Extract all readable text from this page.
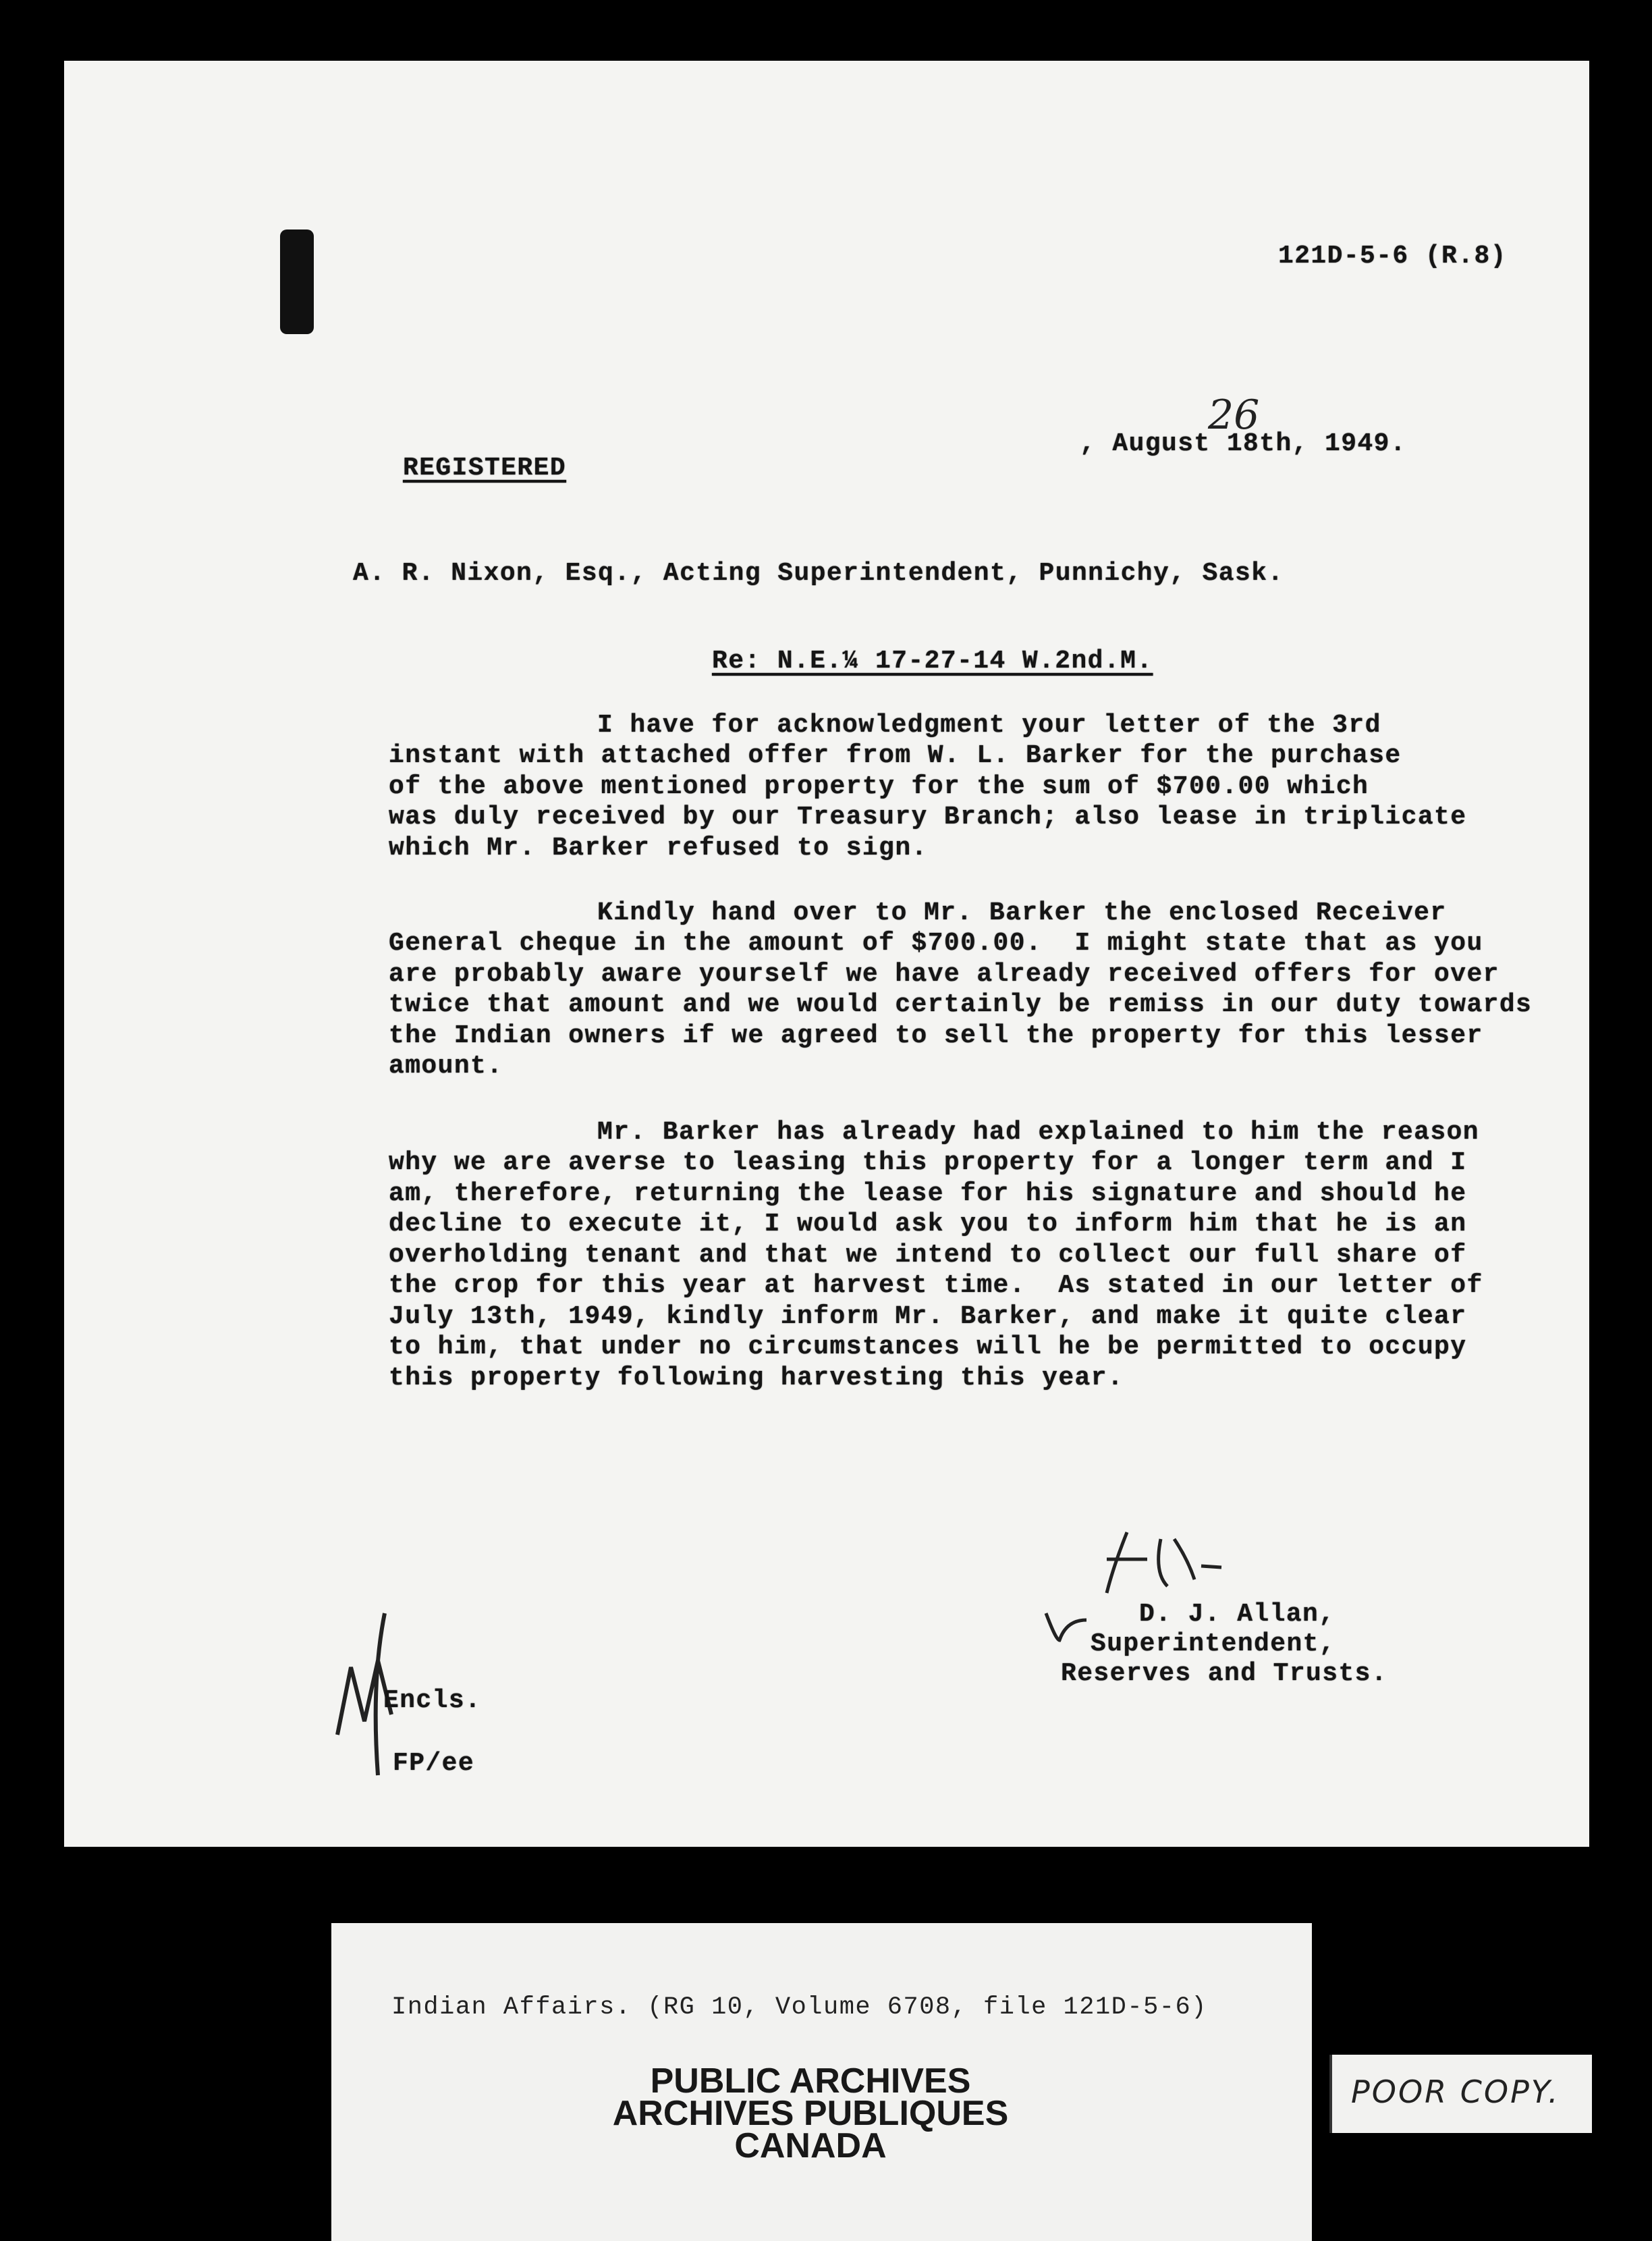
121D-5-6 (R.8)
26
, August 18th, 1949.
REGISTERED
A. R. Nixon, Esq., Acting Superintendent, Punnichy, Sask.
Re: N.E.¼ 17-27-14 W.2nd.M.
I have for acknowledgment your letter of the 3rd
instant with attached offer from W. L. Barker for the purchase
of the above mentioned property for the sum of $700.00 which
was duly received by our Treasury Branch; also lease in triplicate
which Mr. Barker refused to sign.
Kindly hand over to Mr. Barker the enclosed Receiver
General cheque in the amount of $700.00.  I might state that as you
are probably aware yourself we have already received offers for over
twice that amount and we would certainly be remiss in our duty towards
the Indian owners if we agreed to sell the property for this lesser
amount.
Mr. Barker has already had explained to him the reason
why we are averse to leasing this property for a longer term and I
am, therefore, returning the lease for his signature and should he
decline to execute it, I would ask you to inform him that he is an
overholding tenant and that we intend to collect our full share of
the crop for this year at harvest time.  As stated in our letter of
July 13th, 1949, kindly inform Mr. Barker, and make it quite clear
to him, that under no circumstances will he be permitted to occupy
this property following harvesting this year.
D. J. Allan,
Superintendent,
Reserves and Trusts.
Encls.
FP/ee
Indian Affairs. (RG 10, Volume 6708, file 121D-5-6)
PUBLIC ARCHIVES
ARCHIVES PUBLIQUES
CANADA
POOR COPY.
